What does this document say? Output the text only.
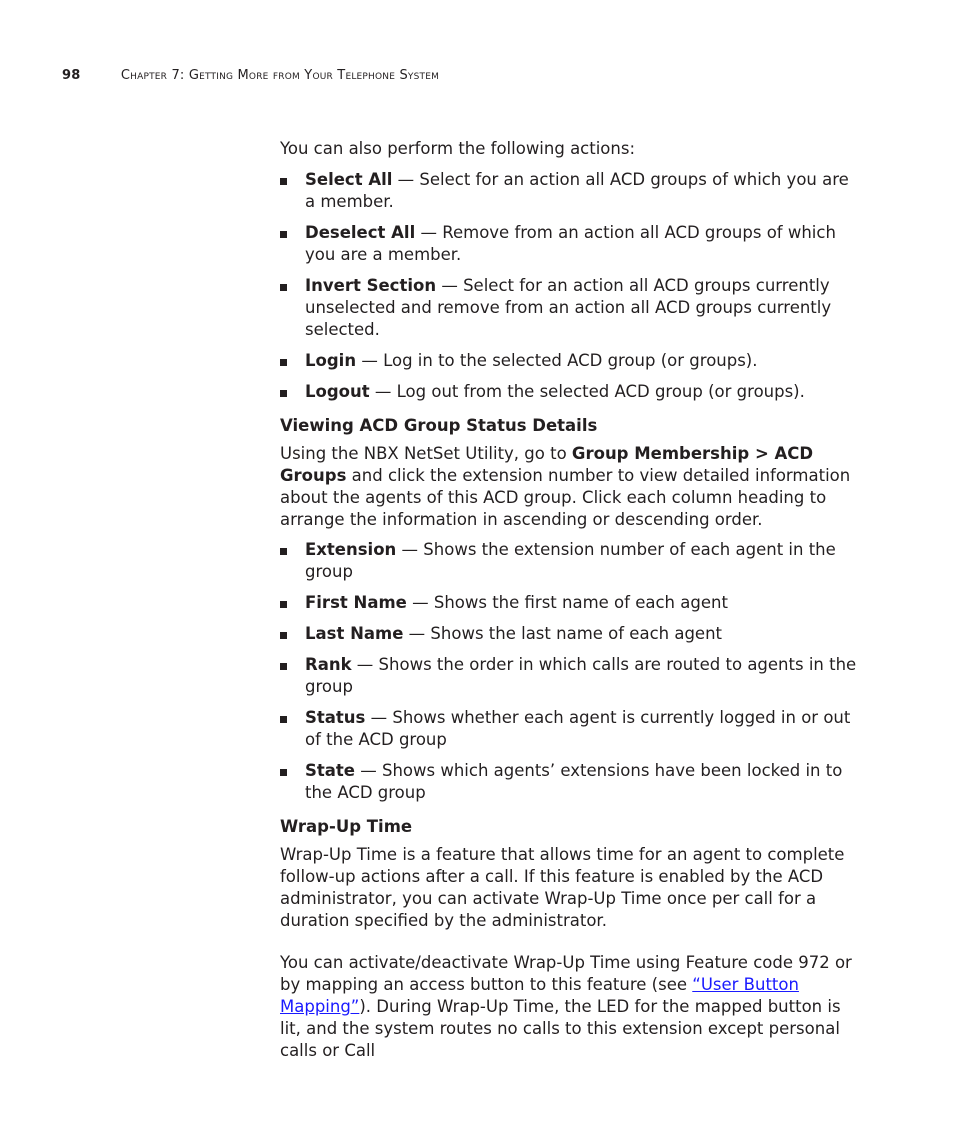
98	Chapter 7: Getting More from Your Telephone System

You can also perform the following actions:

Select All — Select for an action all ACD groups of which you are a member.
Deselect All — Remove from an action all ACD groups of which you are a member.
Invert Section — Select for an action all ACD groups currently unselected and remove from an action all ACD groups currently selected.
Login — Log in to the selected ACD group (or groups).
Logout — Log out from the selected ACD group (or groups).
Viewing ACD Group Status Details

Using the NBX NetSet Utility, go to Group Membership > ACD Groups and click the extension number to view detailed information about the agents of this ACD group. Click each column heading to arrange the information in ascending or descending order.

Extension — Shows the extension number of each agent in the group
First Name — Shows the first name of each agent
Last Name — Shows the last name of each agent
Rank — Shows the order in which calls are routed to agents in the group
Status — Shows whether each agent is currently logged in or out of the ACD group
State — Shows which agents’ extensions have been locked in to the ACD group
Wrap-Up Time

Wrap-Up Time is a feature that allows time for an agent to complete follow-up actions after a call. If this feature is enabled by the ACD administrator, you can activate Wrap-Up Time once per call for a duration specified by the administrator.

You can activate/deactivate Wrap-Up Time using Feature code 972 or by mapping an access button to this feature (see “User Button Mapping”). During Wrap-Up Time, the LED for the mapped button is lit, and the system routes no calls to this extension except personal calls or Call
